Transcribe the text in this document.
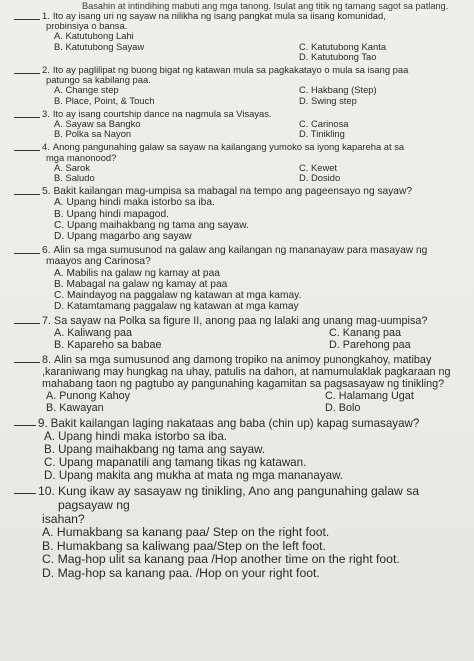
Basahin at intindihing mabuti ang mga tanong. Isulat ang titik ng tamang sagot sa patlang.
1. Ito ay isang uri ng sayaw na nilikha ng isang pangkat mula sa iisang komunidad,
probinsiya o bansa.
A. Katutubong Lahi
B. Katutubong Sayaw	C. Katutubong Kanta
D. Katutubong Tao
2. Ito ay paglilipat ng buong bigat ng katawan mula sa pagkakatayo o mula sa isang paa
patungo sa kabilang paa.
A. Change step	C. Hakbang (Step)
B. Place, Point, & Touch	D. Swing step
3. Ito ay isang courtship dance na nagmula sa Visayas.
A. Sayaw sa Bangko	C. Carinosa
B. Polka sa Nayon	D. Tinikling
4. Anong pangunahing galaw sa sayaw na kailangang yumoko sa iyong kapareha at sa
mga manonood?
A. Sarok	C. Kewet
B. Saludo	D. Dosido
5. Bakit kailangan mag-umpisa sa mabagal na tempo ang pageensayo ng sayaw?
A. Upang hindi maka istorbo sa iba.
B. Upang hindi mapagod.
C. Upang maihakbang ng tama ang sayaw.
D. Upang magarbo ang sayaw
6. Alin sa mga sumusunod na galaw ang kailangan ng mananayaw para masayaw ng
maayos ang Carinosa?
A. Mabilis na galaw ng kamay at paa
B. Mabagal na galaw ng kamay at paa
C. Maindayog na paggalaw ng katawan at mga kamay.
D. Katamtamang paggalaw ng katawan at mga kamay
7. Sa sayaw na Polka sa figure II, anong paa ng lalaki ang unang mag-uumpisa?
A. Kaliwang paa	C. Kanang paa
B. Kapareho sa babae	D. Parehong paa
8. Alin sa mga sumusunod ang damong tropiko na animoy punongkahoy, matibay
,karaniwang may hungkag na uhay, patulis na dahon, at namumulaklak pagkaraan ng
mahabang taon ng pagtubo ay pangunahing kagamitan sa pagsasayaw ng tinikling?
A. Punong Kahoy	C. Halamang Ugat
B. Kawayan	D. Bolo
9. Bakit kailangan laging nakataas ang baba (chin up) kapag sumasayaw?
A. Upang hindi maka istorbo sa iba.
B. Upang maihakbang ng tama ang sayaw.
C. Upang mapanatili ang tamang tikas ng katawan.
D. Upang makita ang mukha at mata ng mga mananayaw.
10. Kung ikaw ay sasayaw ng tinikling, Ano ang pangunahing galaw sa pagsayaw ng
isahan?
A. Humakbang sa kanang paa/ Step on the right foot.
B. Humakbang sa kaliwang paa/Step on the left foot.
C. Mag-hop ulit sa kanang paa /Hop another time on the right foot.
D. Mag-hop sa kanang paa. /Hop on your right foot.
